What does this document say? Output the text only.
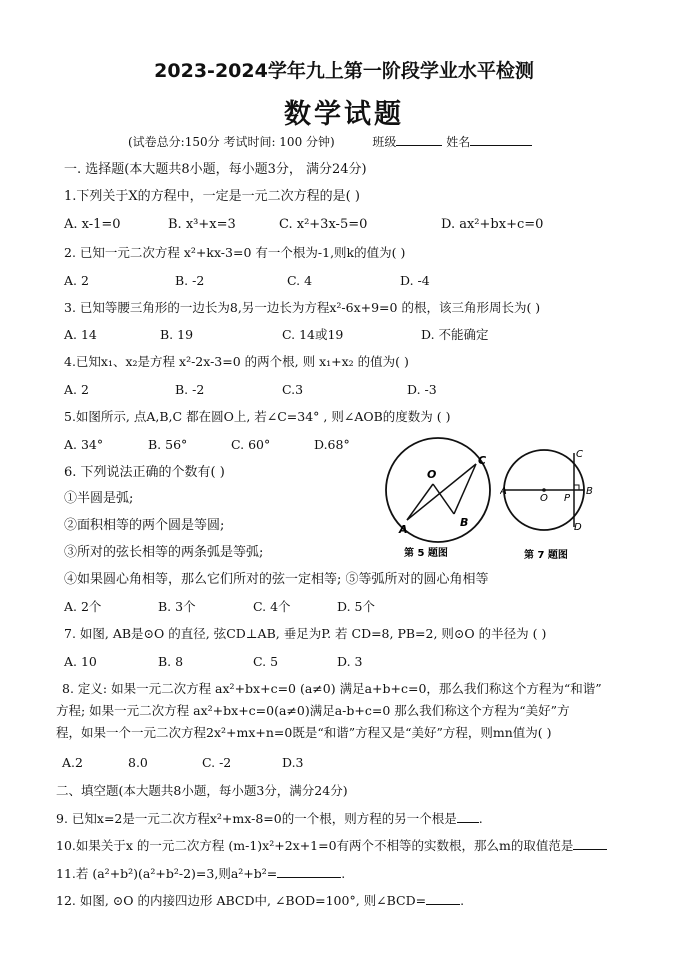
2023-2024学年九上第一阶段学业水平检测
数学试题
(试卷总分:150分 考试时间: 100 分钟)	班级	姓名
一. 选择题(本大题共8小题，每小题3分， 满分24分)
1.下列关于X的方程中，一定是一元二次方程的是( )
A. x-1=0	B. x³+x=3	C. x²+3x-5=0	D. ax²+bx+c=0
2. 已知一元二次方程 x²+kx-3=0 有一个根为-1,则k的值为( )
A. 2	B. -2	C. 4	D. -4
3. 已知等腰三角形的一边长为8,另一边长为方程x²-6x+9=0 的根，该三角形周长为( )
A. 14	B. 19	C. 14或19	D. 不能确定
4.已知x₁、x₂是方程 x²-2x-3=0 的两个根, 则 x₁+x₂ 的值为( )
A. 2	B. -2	C.3	D. -3
5.如图所示, 点A,B,C 都在圆O上, 若∠C=34° , 则∠AOB的度数为 ( )
A. 34°	B. 56°	C. 60°	D.68°
6. 下列说法正确的个数有( )
①半圆是弧;
②面积相等的两个圆是等圆;
③所对的弦长相等的两条弧是等弧;
④如果圆心角相等，那么它们所对的弦一定相等; ⑤等弧所对的圆心角相等
A. 2个	B. 3个	C. 4个	D. 5个
7. 如图, AB是⊙O 的直径, 弦CD⊥AB, 垂足为P. 若 CD=8, PB=2, 则⊙O 的半径为 ( )
A. 10	B. 8	C. 5	D. 3
8. 定义: 如果一元二次方程 ax²+bx+c=0 (a≠0) 满足a+b+c=0，那么我们称这个方程为“和谐”
方程; 如果一元二次方程 ax²+bx+c=0(a≠0)满足a-b+c=0 那么我们称这个方程为“美好”方
程，如果一个一元二次方程2x²+mx+n=0既是“和谐”方程又是“美好”方程，则mn值为( )
A.2	8.0	C. -2	D.3
二、填空题(本大题共8小题，每小题3分，满分24分)
9. 已知x=2是一元二次方程x²+mx-8=0的一个根，则方程的另一个根是 .
10.如果关于x 的一元二次方程 (m-1)x²+2x+1=0有两个不相等的实数根，那么m的取值范是
11.若 (a²+b²)(a²+b²-2)=3,则a²+b²=	.
12. 如图, ⊙O 的内接四边形 ABCD中, ∠BOD=100°, 则∠BCD=	.
O
A
B
C
第 5 题图
A
O P
B
C
D
第 7 题图
